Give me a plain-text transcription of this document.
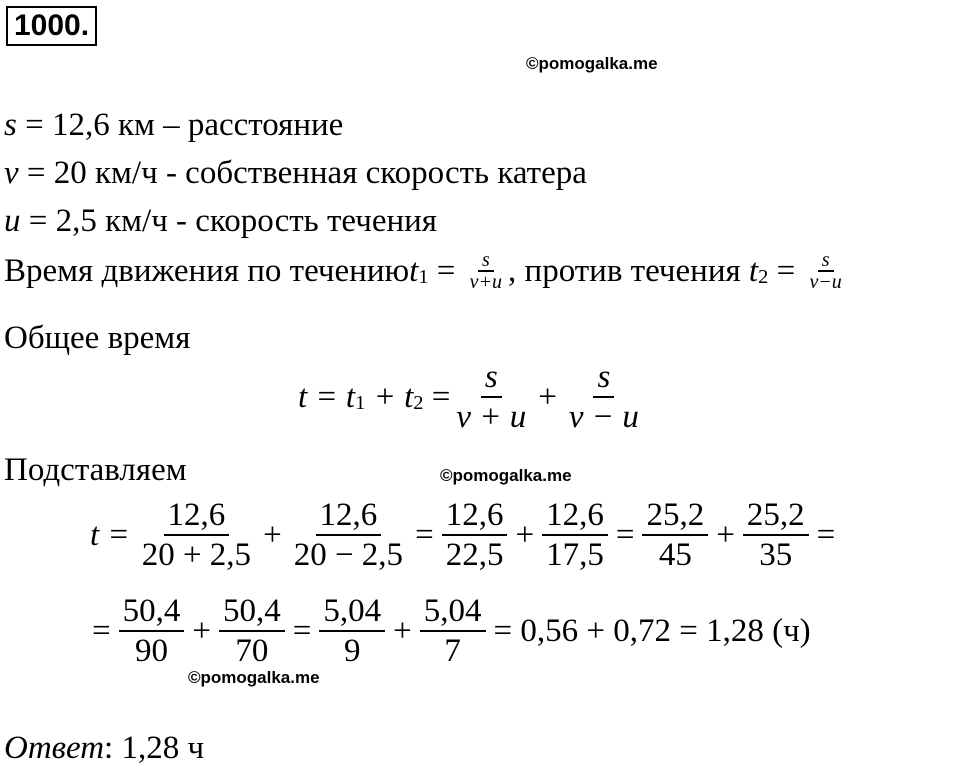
1000.
©pomogalka.me
©pomogalka.me
©pomogalka.me
s = 12,6 км – расстояние
v = 20 км/ч - собственная скорость катера
u = 2,5 км/ч - скорость течения
Время движения по течению t $1 = \frac{s}{v+u}$ , против течения t $2 = \frac{s}{v-u}$
Общее время
t = t 1 + t $2 = \frac{s}{v + u} + \frac{s}{v - u}$
Подставляем
$t = \frac{12,6}{20 + 2,5} + \frac{12,6}{20 - 2,5} = \frac{12,6}{22,5} + \frac{12,6}{17,5} = \frac{25,2}{45} + \frac{25,2}{35}$ =
= $\frac{50,4}{90} + \frac{50,4}{70} = \frac{5,04}{9} + \frac{5,04}{7} = 0,56 + 0,72 = 1,28$ (ч)
Ответ: 1,28 ч
